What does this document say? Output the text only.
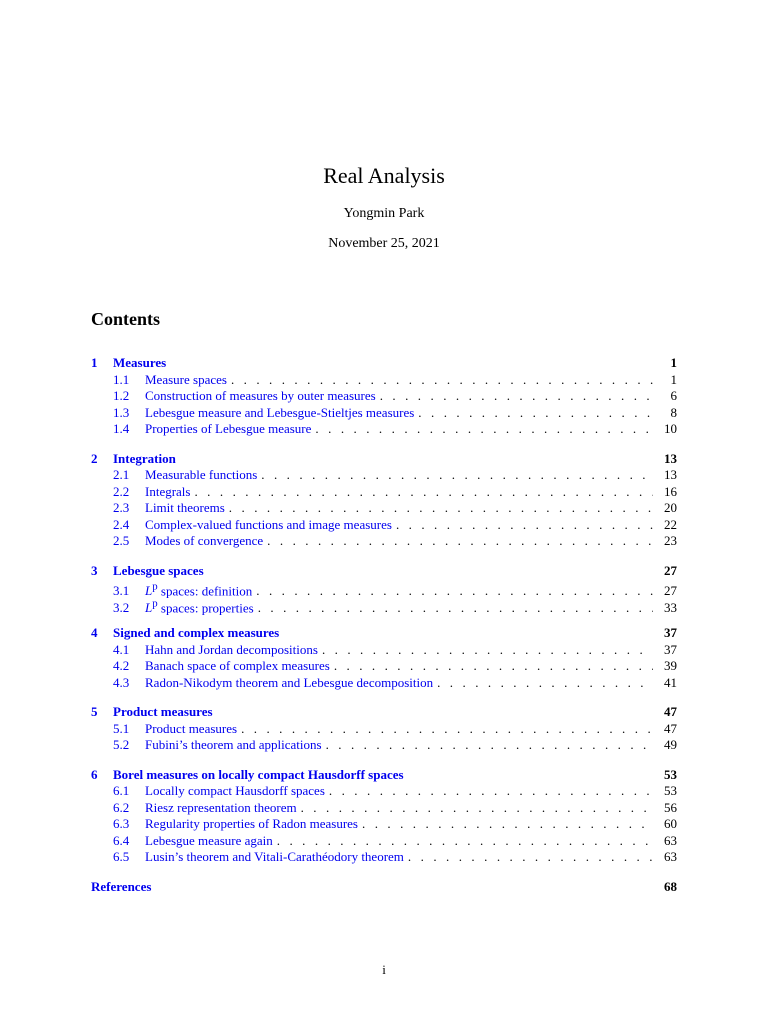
Real Analysis
Yongmin Park
November 25, 2021
Contents
1	Measures	1
1.1	Measure spaces . . .	1
1.2	Construction of measures by outer measures . . .	6
1.3	Lebesgue measure and Lebesgue-Stieltjes measures . . .	8
1.4	Properties of Lebesgue measure . . .	10
2	Integration	13
2.1	Measurable functions . . .	13
2.2	Integrals . . .	16
2.3	Limit theorems . . .	20
2.4	Complex-valued functions and image measures . . .	22
2.5	Modes of convergence . . .	23
3	Lebesgue spaces	27
3.1	$L^p$ spaces: definition . . .	27
3.2	$L^p$ spaces: properties . . .	33
4	Signed and complex measures	37
4.1	Hahn and Jordan decompositions . . .	37
4.2	Banach space of complex measures . . .	39
4.3	Radon-Nikodym theorem and Lebesgue decomposition . . .	41
5	Product measures	47
5.1	Product measures . . .	47
5.2	Fubini’s theorem and applications . . .	49
6	Borel measures on locally compact Hausdorff spaces	53
6.1	Locally compact Hausdorff spaces . . .	53
6.2	Riesz representation theorem . . .	56
6.3	Regularity properties of Radon measures . . .	60
6.4	Lebesgue measure again . . .	63
6.5	Lusin’s theorem and Vitali-Carathéodory theorem . . .	63
References	68
i
